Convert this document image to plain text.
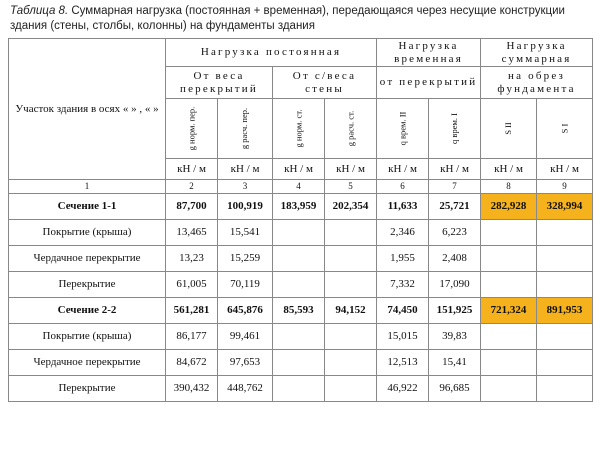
Таблица 8. Суммарная нагрузка (постоянная + временная), передающаяся через несущие конструкции здания (стены, столбы, колонны) на фундаменты здания
Участок здания в осях « » , « »	Нагрузка постоянная				Нагрузка временная		Нагрузка суммарная	
	От веса перекрытий		От с/веса стены		от перекрытий		на обрез фундамента	
	g норм. пер.	g расч. пер.	g норм. ст.	g расч. ст.	q врем. II	q врем. I	S II	S I
	кН / м	кН / м	кН / м	кН / м	кН / м	кН / м	кН / м	кН / м
1	2	3	4	5	6	7	8	9
Сечение 1-1	87,700	100,919	183,959	202,354	11,633	25,721	282,928	328,994
Покрытие (крыша)	13,465	15,541			2,346	6,223		
Чердачное перекрытие	13,23	15,259			1,955	2,408		
Перекрытие	61,005	70,119			7,332	17,090		
Сечение 2-2	561,281	645,876	85,593	94,152	74,450	151,925	721,324	891,953
Покрытие (крыша)	86,177	99,461			15,015	39,83		
Чердачное перекрытие	84,672	97,653			12,513	15,41		
Перекрытие	390,432	448,762			46,922	96,685		
